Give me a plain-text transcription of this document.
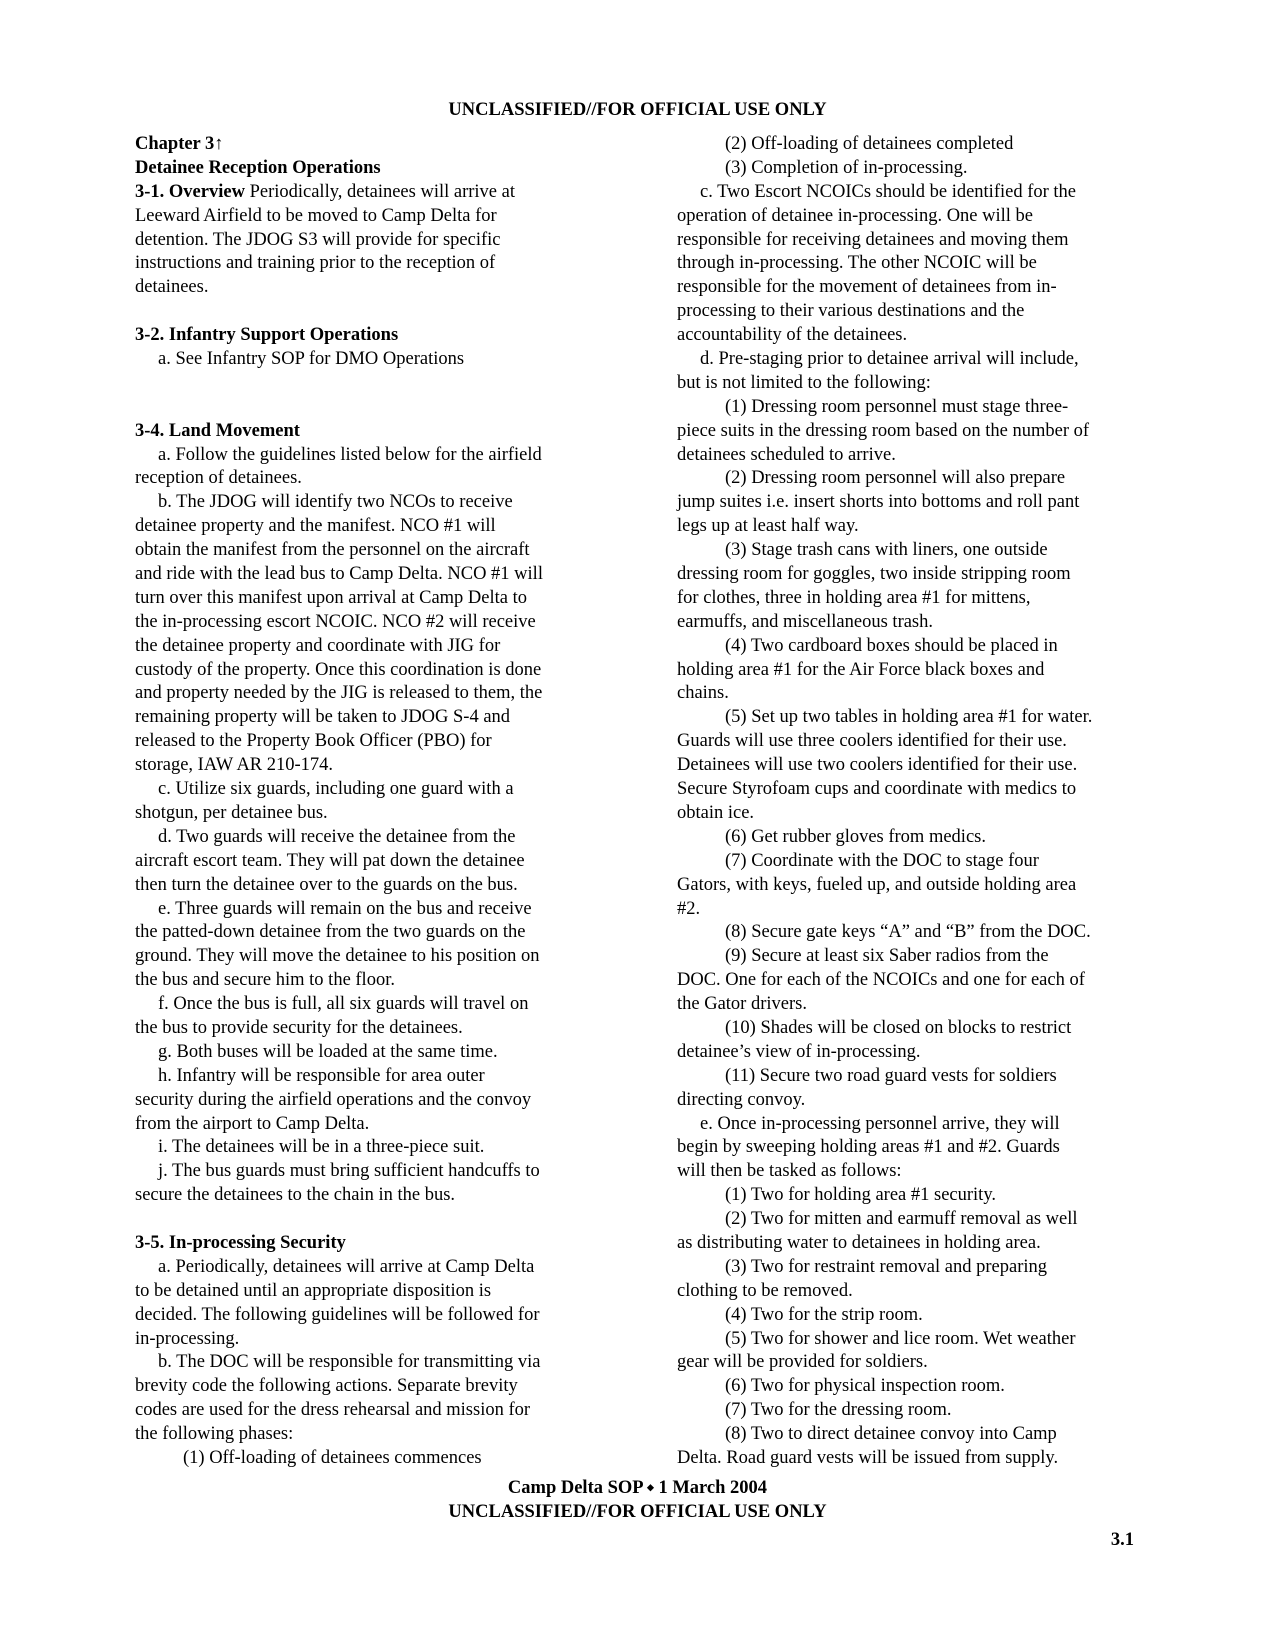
UNCLASSIFIED//FOR OFFICIAL USE ONLY
Chapter 3↑
Detainee Reception Operations
3-1. Overview Periodically, detainees will arrive at
Leeward Airfield to be moved to Camp Delta for
detention. The JDOG S3 will provide for specific
instructions and training prior to the reception of
detainees.
3-2. Infantry Support Operations
a. See Infantry SOP for DMO Operations
3-4. Land Movement
a. Follow the guidelines listed below for the airfield
reception of detainees.
b. The JDOG will identify two NCOs to receive
detainee property and the manifest. NCO #1 will
obtain the manifest from the personnel on the aircraft
and ride with the lead bus to Camp Delta. NCO #1 will
turn over this manifest upon arrival at Camp Delta to
the in-processing escort NCOIC. NCO #2 will receive
the detainee property and coordinate with JIG for
custody of the property. Once this coordination is done
and property needed by the JIG is released to them, the
remaining property will be taken to JDOG S-4 and
released to the Property Book Officer (PBO) for
storage, IAW AR 210-174.
c. Utilize six guards, including one guard with a
shotgun, per detainee bus.
d. Two guards will receive the detainee from the
aircraft escort team. They will pat down the detainee
then turn the detainee over to the guards on the bus.
e. Three guards will remain on the bus and receive
the patted-down detainee from the two guards on the
ground. They will move the detainee to his position on
the bus and secure him to the floor.
f. Once the bus is full, all six guards will travel on
the bus to provide security for the detainees.
g. Both buses will be loaded at the same time.
h. Infantry will be responsible for area outer
security during the airfield operations and the convoy
from the airport to Camp Delta.
i. The detainees will be in a three-piece suit.
j. The bus guards must bring sufficient handcuffs to
secure the detainees to the chain in the bus.
3-5. In-processing Security
a. Periodically, detainees will arrive at Camp Delta
to be detained until an appropriate disposition is
decided. The following guidelines will be followed for
in-processing.
b. The DOC will be responsible for transmitting via
brevity code the following actions. Separate brevity
codes are used for the dress rehearsal and mission for
the following phases:
(1) Off-loading of detainees commences
(2) Off-loading of detainees completed
(3) Completion of in-processing.
c. Two Escort NCOICs should be identified for the
operation of detainee in-processing. One will be
responsible for receiving detainees and moving them
through in-processing. The other NCOIC will be
responsible for the movement of detainees from in-
processing to their various destinations and the
accountability of the detainees.
d. Pre-staging prior to detainee arrival will include,
but is not limited to the following:
(1) Dressing room personnel must stage three-
piece suits in the dressing room based on the number of
detainees scheduled to arrive.
(2) Dressing room personnel will also prepare
jump suites i.e. insert shorts into bottoms and roll pant
legs up at least half way.
(3) Stage trash cans with liners, one outside
dressing room for goggles, two inside stripping room
for clothes, three in holding area #1 for mittens,
earmuffs, and miscellaneous trash.
(4) Two cardboard boxes should be placed in
holding area #1 for the Air Force black boxes and
chains.
(5) Set up two tables in holding area #1 for water.
Guards will use three coolers identified for their use.
Detainees will use two coolers identified for their use.
Secure Styrofoam cups and coordinate with medics to
obtain ice.
(6) Get rubber gloves from medics.
(7) Coordinate with the DOC to stage four
Gators, with keys, fueled up, and outside holding area
#2.
(8) Secure gate keys “A” and “B” from the DOC.
(9) Secure at least six Saber radios from the
DOC. One for each of the NCOICs and one for each of
the Gator drivers.
(10) Shades will be closed on blocks to restrict
detainee’s view of in-processing.
(11) Secure two road guard vests for soldiers
directing convoy.
e. Once in-processing personnel arrive, they will
begin by sweeping holding areas #1 and #2. Guards
will then be tasked as follows:
(1) Two for holding area #1 security.
(2) Two for mitten and earmuff removal as well
as distributing water to detainees in holding area.
(3) Two for restraint removal and preparing
clothing to be removed.
(4) Two for the strip room.
(5) Two for shower and lice room. Wet weather
gear will be provided for soldiers.
(6) Two for physical inspection room.
(7) Two for the dressing room.
(8) Two to direct detainee convoy into Camp
Delta. Road guard vests will be issued from supply.
Camp Delta SOP ⬩ 1 March 2004
UNCLASSIFIED//FOR OFFICIAL USE ONLY
3.1
